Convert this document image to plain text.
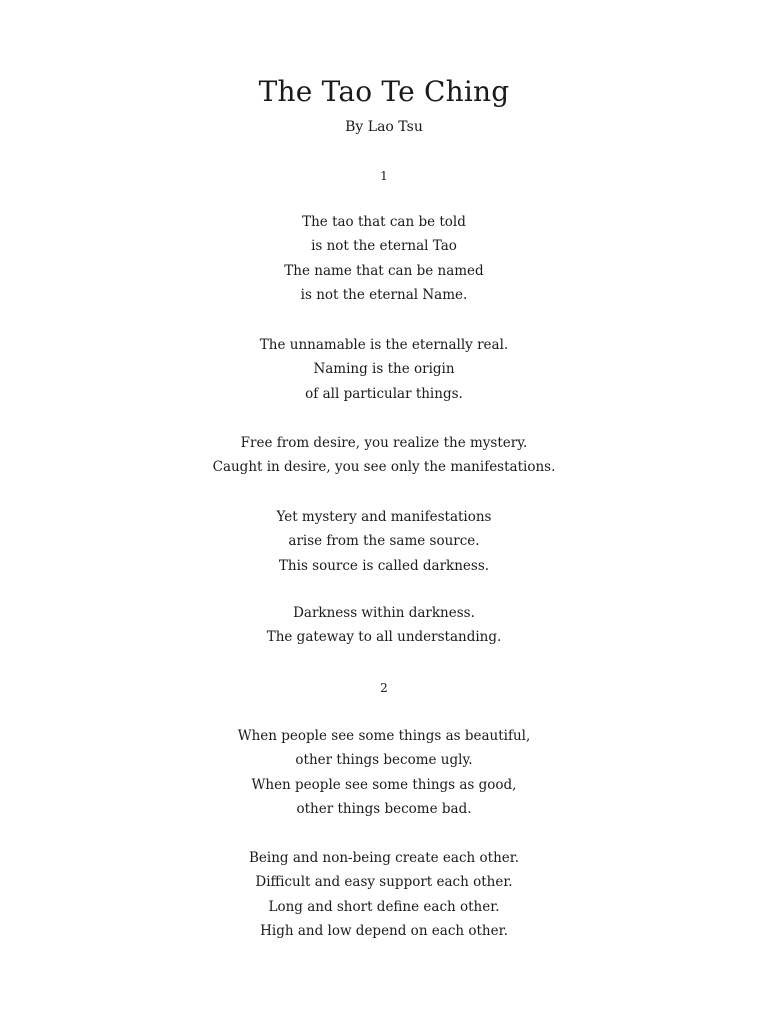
The Tao Te Ching
By Lao Tsu
1
The tao that can be told
is not the eternal Tao
The name that can be named
is not the eternal Name.
The unnamable is the eternally real.
Naming is the origin
of all particular things.
Free from desire, you realize the mystery.
Caught in desire, you see only the manifestations.
Yet mystery and manifestations
arise from the same source.
This source is called darkness.
Darkness within darkness.
The gateway to all understanding.
2
When people see some things as beautiful,
other things become ugly.
When people see some things as good,
other things become bad.
Being and non-being create each other.
Difficult and easy support each other.
Long and short define each other.
High and low depend on each other.
